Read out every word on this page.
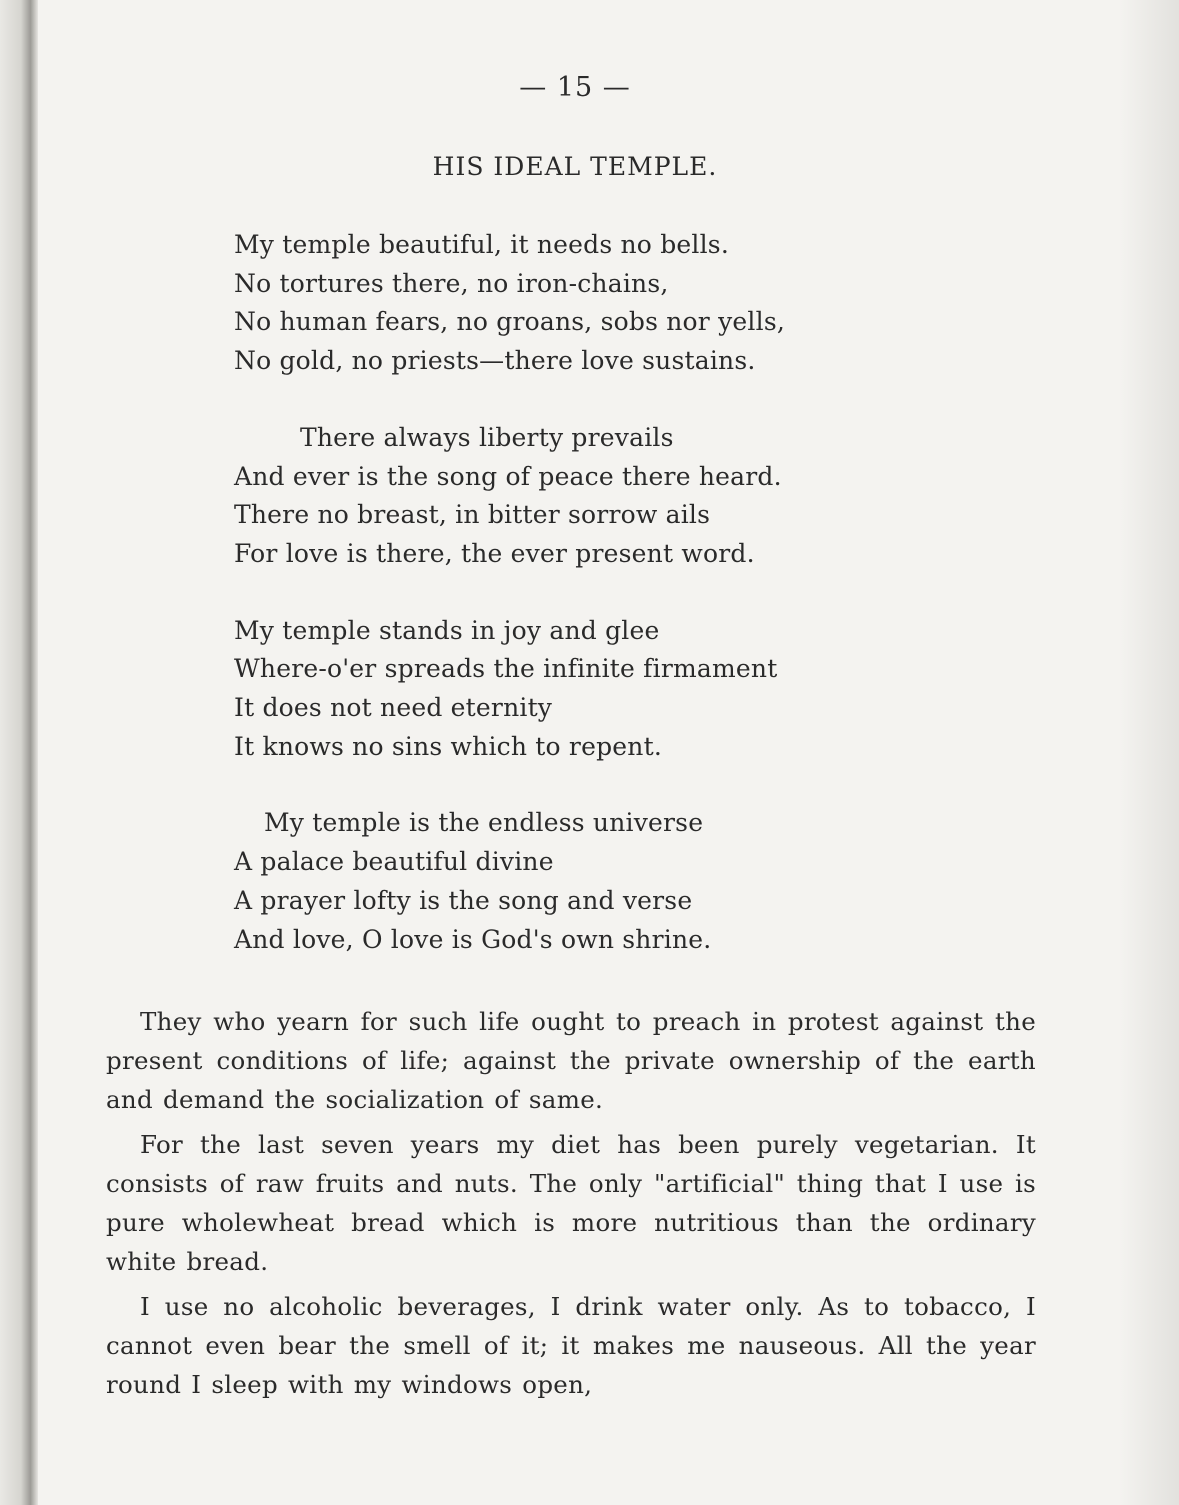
— 15 —
HIS IDEAL TEMPLE.
My temple beautiful, it needs no bells.
No tortures there, no iron-chains,
No human fears, no groans, sobs nor yells,
No gold, no priests—there love sustains.
There always liberty prevails
And ever is the song of peace there heard.
There no breast, in bitter sorrow ails
For love is there, the ever present word.
My temple stands in joy and glee
Where-o'er spreads the infinite firmament
It does not need eternity
It knows no sins which to repent.
My temple is the endless universe
A palace beautiful divine
A prayer lofty is the song and verse
And love, O love is God's own shrine.

They who yearn for such life ought to preach in protest against the present conditions of life; against the private ownership of the earth and demand the socialization of same.

For the last seven years my diet has been purely vegetarian. It consists of raw fruits and nuts. The only "artificial" thing that I use is pure wholewheat bread which is more nutritious than the ordinary white bread.

I use no alcoholic beverages, I drink water only. As to tobacco, I cannot even bear the smell of it; it makes me nauseous. All the year round I sleep with my windows open,
